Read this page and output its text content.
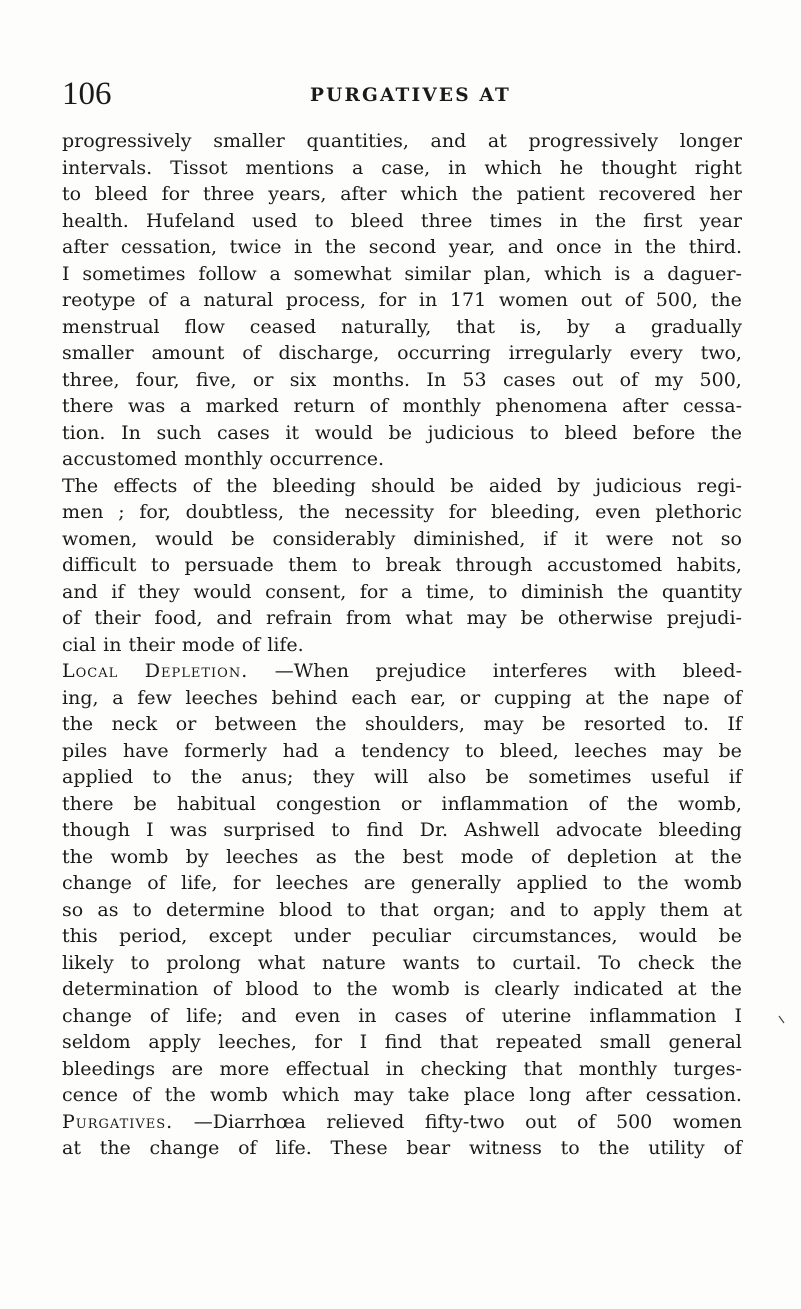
106	PURGATIVES AT
progressively smaller quantities, and at progressively longer
intervals. Tissot mentions a case, in which he thought right
to bleed for three years, after which the patient recovered her
health. Hufeland used to bleed three times in the first year
after cessation, twice in the second year, and once in the third.
I sometimes follow a somewhat similar plan, which is a daguer-
reotype of a natural process, for in 171 women out of 500, the
menstrual flow ceased naturally, that is, by a gradually
smaller amount of discharge, occurring irregularly every two,
three, four, five, or six months. In 53 cases out of my 500,
there was a marked return of monthly phenomena after cessa-
tion. In such cases it would be judicious to bleed before the
accustomed monthly occurrence.
The effects of the bleeding should be aided by judicious regi-
men ; for, doubtless, the necessity for bleeding, even plethoric
women, would be considerably diminished, if it were not so
difficult to persuade them to break through accustomed habits,
and if they would consent, for a time, to diminish the quantity
of their food, and refrain from what may be otherwise prejudi-
cial in their mode of life.
Local Depletion. —When prejudice interferes with bleed-
ing, a few leeches behind each ear, or cupping at the nape of
the neck or between the shoulders, may be resorted to. If
piles have formerly had a tendency to bleed, leeches may be
applied to the anus; they will also be sometimes useful if
there be habitual congestion or inflammation of the womb,
though I was surprised to find Dr. Ashwell advocate bleeding
the womb by leeches as the best mode of depletion at the
change of life, for leeches are generally applied to the womb
so as to determine blood to that organ; and to apply them at
this period, except under peculiar circumstances, would be
likely to prolong what nature wants to curtail. To check the
determination of blood to the womb is clearly indicated at the
change of life; and even in cases of uterine inflammation I
seldom apply leeches, for I find that repeated small general
bleedings are more effectual in checking that monthly turges-
cence of the womb which may take place long after cessation.
Purgatives. —Diarrhœa relieved fifty-two out of 500 women
at the change of life. These bear witness to the utility of
